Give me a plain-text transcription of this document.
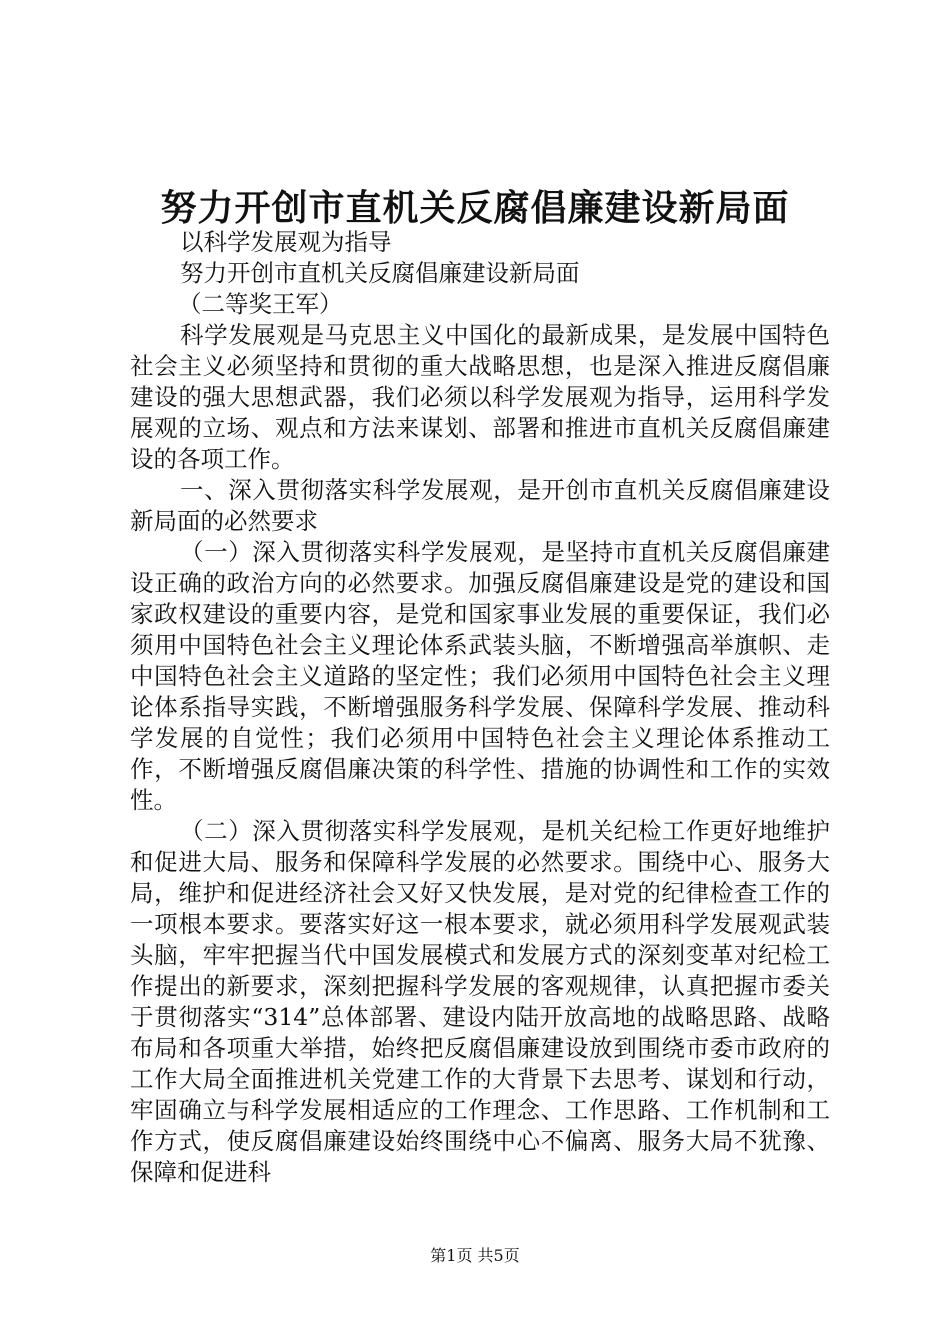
努力开创市直机关反腐倡廉建设新局面

以科学发展观为指导

努力开创市直机关反腐倡廉建设新局面

（二等奖王军）

科学发展观是马克思主义中国化的最新成果，是发展中国特色社会主义必须坚持和贯彻的重大战略思想，也是深入推进反腐倡廉建设的强大思想武器，我们必须以科学发展观为指导，运用科学发展观的立场、观点和方法来谋划、部署和推进市直机关反腐倡廉建设的各项工作。

一、深入贯彻落实科学发展观，是开创市直机关反腐倡廉建设新局面的必然要求

（一）深入贯彻落实科学发展观，是坚持市直机关反腐倡廉建设正确的政治方向的必然要求。加强反腐倡廉建设是党的建设和国家政权建设的重要内容，是党和国家事业发展的重要保证，我们必须用中国特色社会主义理论体系武装头脑，不断增强高举旗帜、走中国特色社会主义道路的坚定性；我们必须用中国特色社会主义理论体系指导实践，不断增强服务科学发展、保障科学发展、推动科学发展的自觉性；我们必须用中国特色社会主义理论体系推动工作，不断增强反腐倡廉决策的科学性、措施的协调性和工作的实效性。

（二）深入贯彻落实科学发展观，是机关纪检工作更好地维护和促进大局、服务和保障科学发展的必然要求。围绕中心、服务大局，维护和促进经济社会又好又快发展，是对党的纪律检查工作的一项根本要求。要落实好这一根本要求，就必须用科学发展观武装头脑，牢牢把握当代中国发展模式和发展方式的深刻变革对纪检工作提出的新要求，深刻把握科学发展的客观规律，认真把握市委关于贯彻落实“314”总体部署、建设内陆开放高地的战略思路、战略布局和各项重大举措，始终把反腐倡廉建设放到围绕市委市政府的工作大局全面推进机关党建工作的大背景下去思考、谋划和行动，牢固确立与科学发展相适应的工作理念、工作思路、工作机制和工作方式，使反腐倡廉建设始终围绕中心不偏离、服务大局不犹豫、保障和促进科

第1页 共5页
